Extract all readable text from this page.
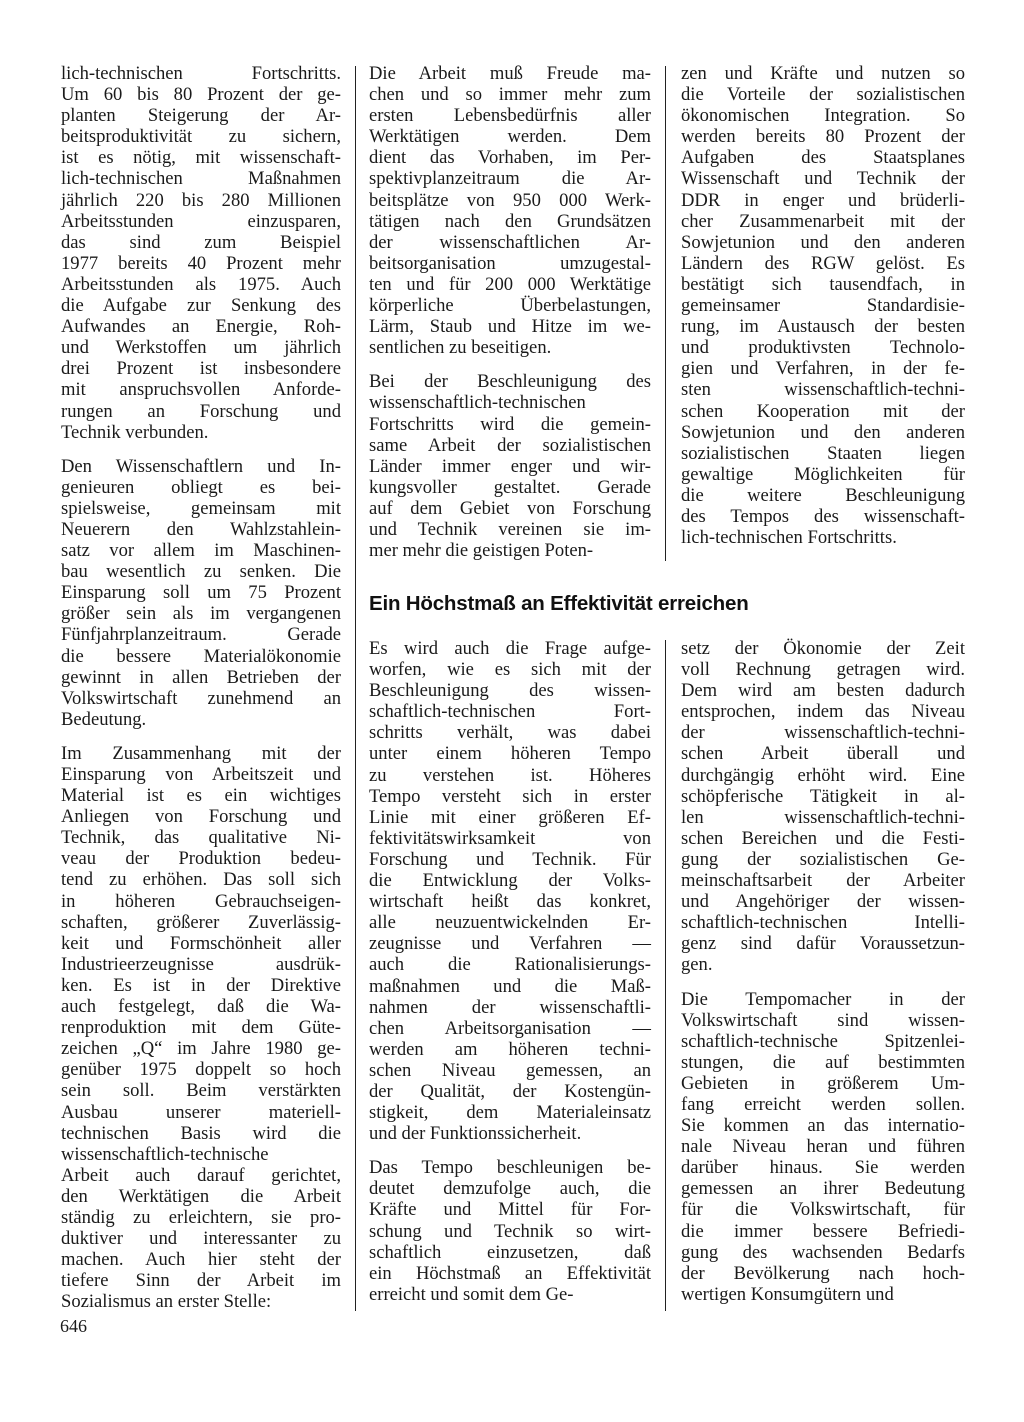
lich-technischen Fortschritts.
Um 60 bis 80 Prozent der ge-
planten Steigerung der Ar-
beitsproduktivität zu sichern,
ist es nötig, mit wissenschaft-
lich-technischen Maßnahmen
jährlich 220 bis 280 Millionen
Arbeitsstunden einzusparen,
das sind zum Beispiel
1977 bereits 40 Prozent mehr
Arbeitsstunden als 1975. Auch
die Aufgabe zur Senkung des
Aufwandes an Energie, Roh-
und Werkstoffen um jährlich
drei Prozent ist insbesondere
mit anspruchsvollen Anforde-
rungen an Forschung und
Technik verbunden.

Den Wissenschaftlern und In-
genieuren obliegt es bei-
spielsweise, gemeinsam mit
Neuerern den Wahlzstahlein-
satz vor allem im Maschinen-
bau wesentlich zu senken. Die
Einsparung soll um 75 Prozent
größer sein als im vergangenen
Fünfjahrplanzeitraum. Gerade
die bessere Materialökonomie
gewinnt in allen Betrieben der
Volkswirtschaft zunehmend an
Bedeutung.

Im Zusammenhang mit der
Einsparung von Arbeitszeit und
Material ist es ein wichtiges
Anliegen von Forschung und
Technik, das qualitative Ni-
veau der Produktion bedeu-
tend zu erhöhen. Das soll sich
in höheren Gebrauchseigen-
schaften, größerer Zuverlässig-
keit und Formschönheit aller
Industrieerzeugnisse ausdrük-
ken. Es ist in der Direktive
auch festgelegt, daß die Wa-
renproduktion mit dem Güte-
zeichen „Q“ im Jahre 1980 ge-
genüber 1975 doppelt so hoch
sein soll. Beim verstärkten
Ausbau unserer materiell-
technischen Basis wird die
wissenschaftlich-technische
Arbeit auch darauf gerichtet,
den Werktätigen die Arbeit
ständig zu erleichtern, sie pro-
duktiver und interessanter zu
machen. Auch hier steht der
tiefere Sinn der Arbeit im
Sozialismus an erster Stelle:

Die Arbeit muß Freude ma-
chen und so immer mehr zum
ersten Lebensbedürfnis aller
Werktätigen werden. Dem
dient das Vorhaben, im Per-
spektivplanzeitraum die Ar-
beitsplätze von 950 000 Werk-
tätigen nach den Grundsätzen
der wissenschaftlichen Ar-
beitsorganisation umzugestal-
ten und für 200 000 Werktätige
körperliche Überbelastungen,
Lärm, Staub und Hitze im we-
sentlichen zu beseitigen.

Bei der Beschleunigung des
wissenschaftlich-technischen
Fortschritts wird die gemein-
same Arbeit der sozialistischen
Länder immer enger und wir-
kungsvoller gestaltet. Gerade
auf dem Gebiet von Forschung
und Technik vereinen sie im-
mer mehr die geistigen Poten-

zen und Kräfte und nutzen so
die Vorteile der sozialistischen
ökonomischen Integration. So
werden bereits 80 Prozent der
Aufgaben des Staatsplanes
Wissenschaft und Technik der
DDR in enger und brüderli-
cher Zusammenarbeit mit der
Sowjetunion und den anderen
Ländern des RGW gelöst. Es
bestätigt sich tausendfach, in
gemeinsamer Standardisie-
rung, im Austausch der besten
und produktivsten Technolo-
gien und Verfahren, in der fe-
sten wissenschaftlich-techni-
schen Kooperation mit der
Sowjetunion und den anderen
sozialistischen Staaten liegen
gewaltige Möglichkeiten für
die weitere Beschleunigung
des Tempos des wissenschaft-
lich-technischen Fortschritts.

Ein Höchstmaß an Effektivität erreichen

Es wird auch die Frage aufge-
worfen, wie es sich mit der
Beschleunigung des wissen-
schaftlich-technischen Fort-
schritts verhält, was dabei
unter einem höheren Tempo
zu verstehen ist. Höheres
Tempo versteht sich in erster
Linie mit einer größeren Ef-
fektivitätswirksamkeit von
Forschung und Technik. Für
die Entwicklung der Volks-
wirtschaft heißt das konkret,
alle neuzuentwickelnden Er-
zeugnisse und Verfahren —
auch die Rationalisierungs-
maßnahmen und die Maß-
nahmen der wissenschaftli-
chen Arbeitsorganisation —
werden am höheren techni-
schen Niveau gemessen, an
der Qualität, der Kostengün-
stigkeit, dem Materialeinsatz
und der Funktionssicherheit.

Das Tempo beschleunigen be-
deutet demzufolge auch, die
Kräfte und Mittel für For-
schung und Technik so wirt-
schaftlich einzusetzen, daß
ein Höchstmaß an Effektivität
erreicht und somit dem Ge-

setz der Ökonomie der Zeit
voll Rechnung getragen wird.
Dem wird am besten dadurch
entsprochen, indem das Niveau
der wissenschaftlich-techni-
schen Arbeit überall und
durchgängig erhöht wird. Eine
schöpferische Tätigkeit in al-
len wissenschaftlich-techni-
schen Bereichen und die Festi-
gung der sozialistischen Ge-
meinschaftsarbeit der Arbeiter
und Angehöriger der wissen-
schaftlich-technischen Intelli-
genz sind dafür Voraussetzun-
gen.

Die Tempomacher in der
Volkswirtschaft sind wissen-
schaftlich-technische Spitzenlei-
stungen, die auf bestimmten
Gebieten in größerem Um-
fang erreicht werden sollen.
Sie kommen an das internatio-
nale Niveau heran und führen
darüber hinaus. Sie werden
gemessen an ihrer Bedeutung
für die Volkswirtschaft, für
die immer bessere Befriedi-
gung des wachsenden Bedarfs
der Bevölkerung nach hoch-
wertigen Konsumgütern und

646
